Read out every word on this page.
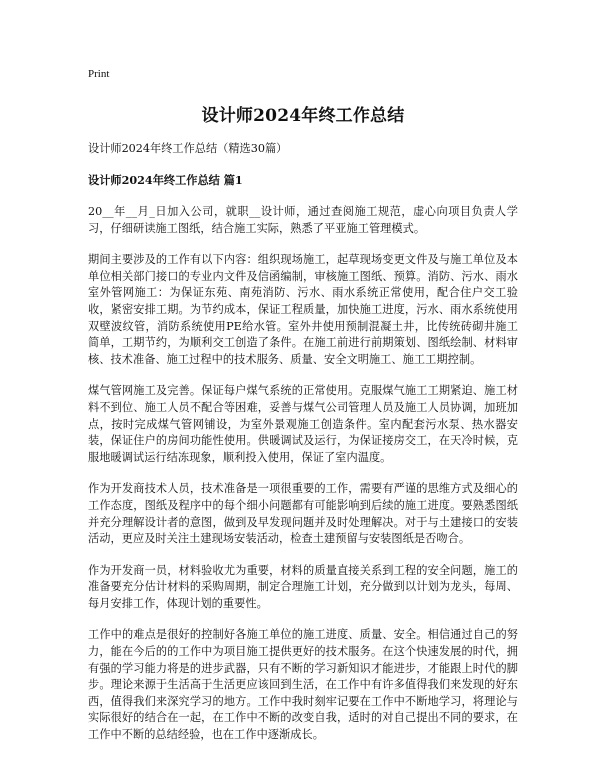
Print
设计师2024年终工作总结
设计师2024年终工作总结（精选30篇）
设计师2024年终工作总结 篇1

20__年__月_日加入公司，就职__设计师，通过查阅施工规范，虚心向项目负责人学习，仔细研读施工图纸，结合施工实际，熟悉了平亚施工管理模式。

期间主要涉及的工作有以下内容：组织现场施工，起草现场变更文件及与施工单位及本单位相关部门接口的专业内文件及信函编制，审核施工图纸、预算。消防、污水、雨水室外管网施工：为保证东苑、南苑消防、污水、雨水系统正常使用，配合住户交工验收，紧密安排工期。为节约成本，保证工程质量，加快施工进度，污水、雨水系统使用双壁波纹管，消防系统使用PE给水管。室外井使用预制混凝土井，比传统砖砌井施工简单，工期节约，为顺利交工创造了条件。在施工前进行前期策划、图纸绘制、材料审核、技术准备、施工过程中的技术服务、质量、安全文明施工、施工工期控制。

煤气管网施工及完善。保证每户煤气系统的正常使用。克服煤气施工工期紧迫、施工材料不到位、施工人员不配合等困难，妥善与煤气公司管理人员及施工人员协调，加班加点，按时完成煤气管网铺设，为室外景观施工创造条件。室内配套污水泵、热水器安装，保证住户的房间功能性使用。供暖调试及运行，为保证接房交工，在天冷时候，克服地暖调试运行结冻现象，顺利投入使用，保证了室内温度。

作为开发商技术人员，技术准备是一项很重要的工作，需要有严谨的思维方式及细心的工作态度，图纸及程序中的每个细小问题都有可能影响到后续的施工进度。要熟悉图纸并充分理解设计者的意图，做到及早发现问题并及时处理解决。对于与土建接口的安装活动，更应及时关注土建现场安装活动，检查土建预留与安装图纸是否吻合。

作为开发商一员，材料验收尤为重要，材料的质量直接关系到工程的安全问题，施工的准备要充分估计材料的采购周期，制定合理施工计划，充分做到以计划为龙头，每周、每月安排工作，体现计划的重要性。

工作中的难点是很好的控制好各施工单位的施工进度、质量、安全。相信通过自己的努力，能在今后的的工作中为项目施工提供更好的技术服务。在这个快速发展的时代，拥有强的学习能力将是的进步武器，只有不断的学习新知识才能进步，才能跟上时代的脚步。理论来源于生活高于生活更应该回到生活，在工作中有许多值得我们来发现的好东西，值得我们来深究学习的地方。工作中我时刻牢记要在工作中不断地学习，将理论与实际很好的结合在一起，在工作中不断的改变自我，适时的对自己提出不同的要求，在工作中不断的总结经验，也在工作中逐渐成长。
